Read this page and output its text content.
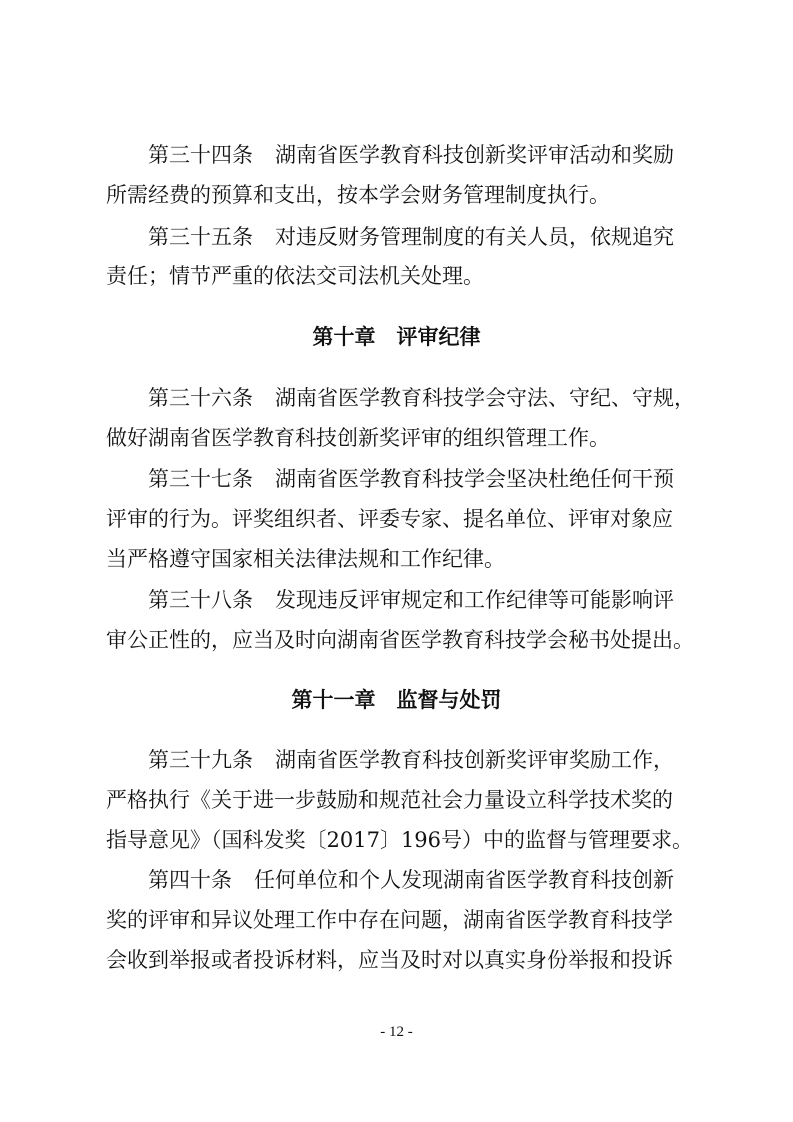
第三十四条 湖南省医学教育科技创新奖评审活动和奖励
所需经费的预算和支出，按本学会财务管理制度执行。
第三十五条 对违反财务管理制度的有关人员，依规追究
责任；情节严重的依法交司法机关处理。
第十章　评审纪律
第三十六条 湖南省医学教育科技学会守法、守纪、守规，
做好湖南省医学教育科技创新奖评审的组织管理工作。
第三十七条 湖南省医学教育科技学会坚决杜绝任何干预
评审的行为。评奖组织者、评委专家、提名单位、评审对象应
当严格遵守国家相关法律法规和工作纪律。
第三十八条 发现违反评审规定和工作纪律等可能影响评
审公正性的，应当及时向湖南省医学教育科技学会秘书处提出。
第十一章　监督与处罚
第三十九条 湖南省医学教育科技创新奖评审奖励工作，
严格执行《关于进一步鼓励和规范社会力量设立科学技术奖的
指导意见》（国科发奖〔2017〕196号）中的监督与管理要求。
第四十条 任何单位和个人发现湖南省医学教育科技创新
奖的评审和异议处理工作中存在问题，湖南省医学教育科技学
会收到举报或者投诉材料，应当及时对以真实身份举报和投诉
- 12 -
